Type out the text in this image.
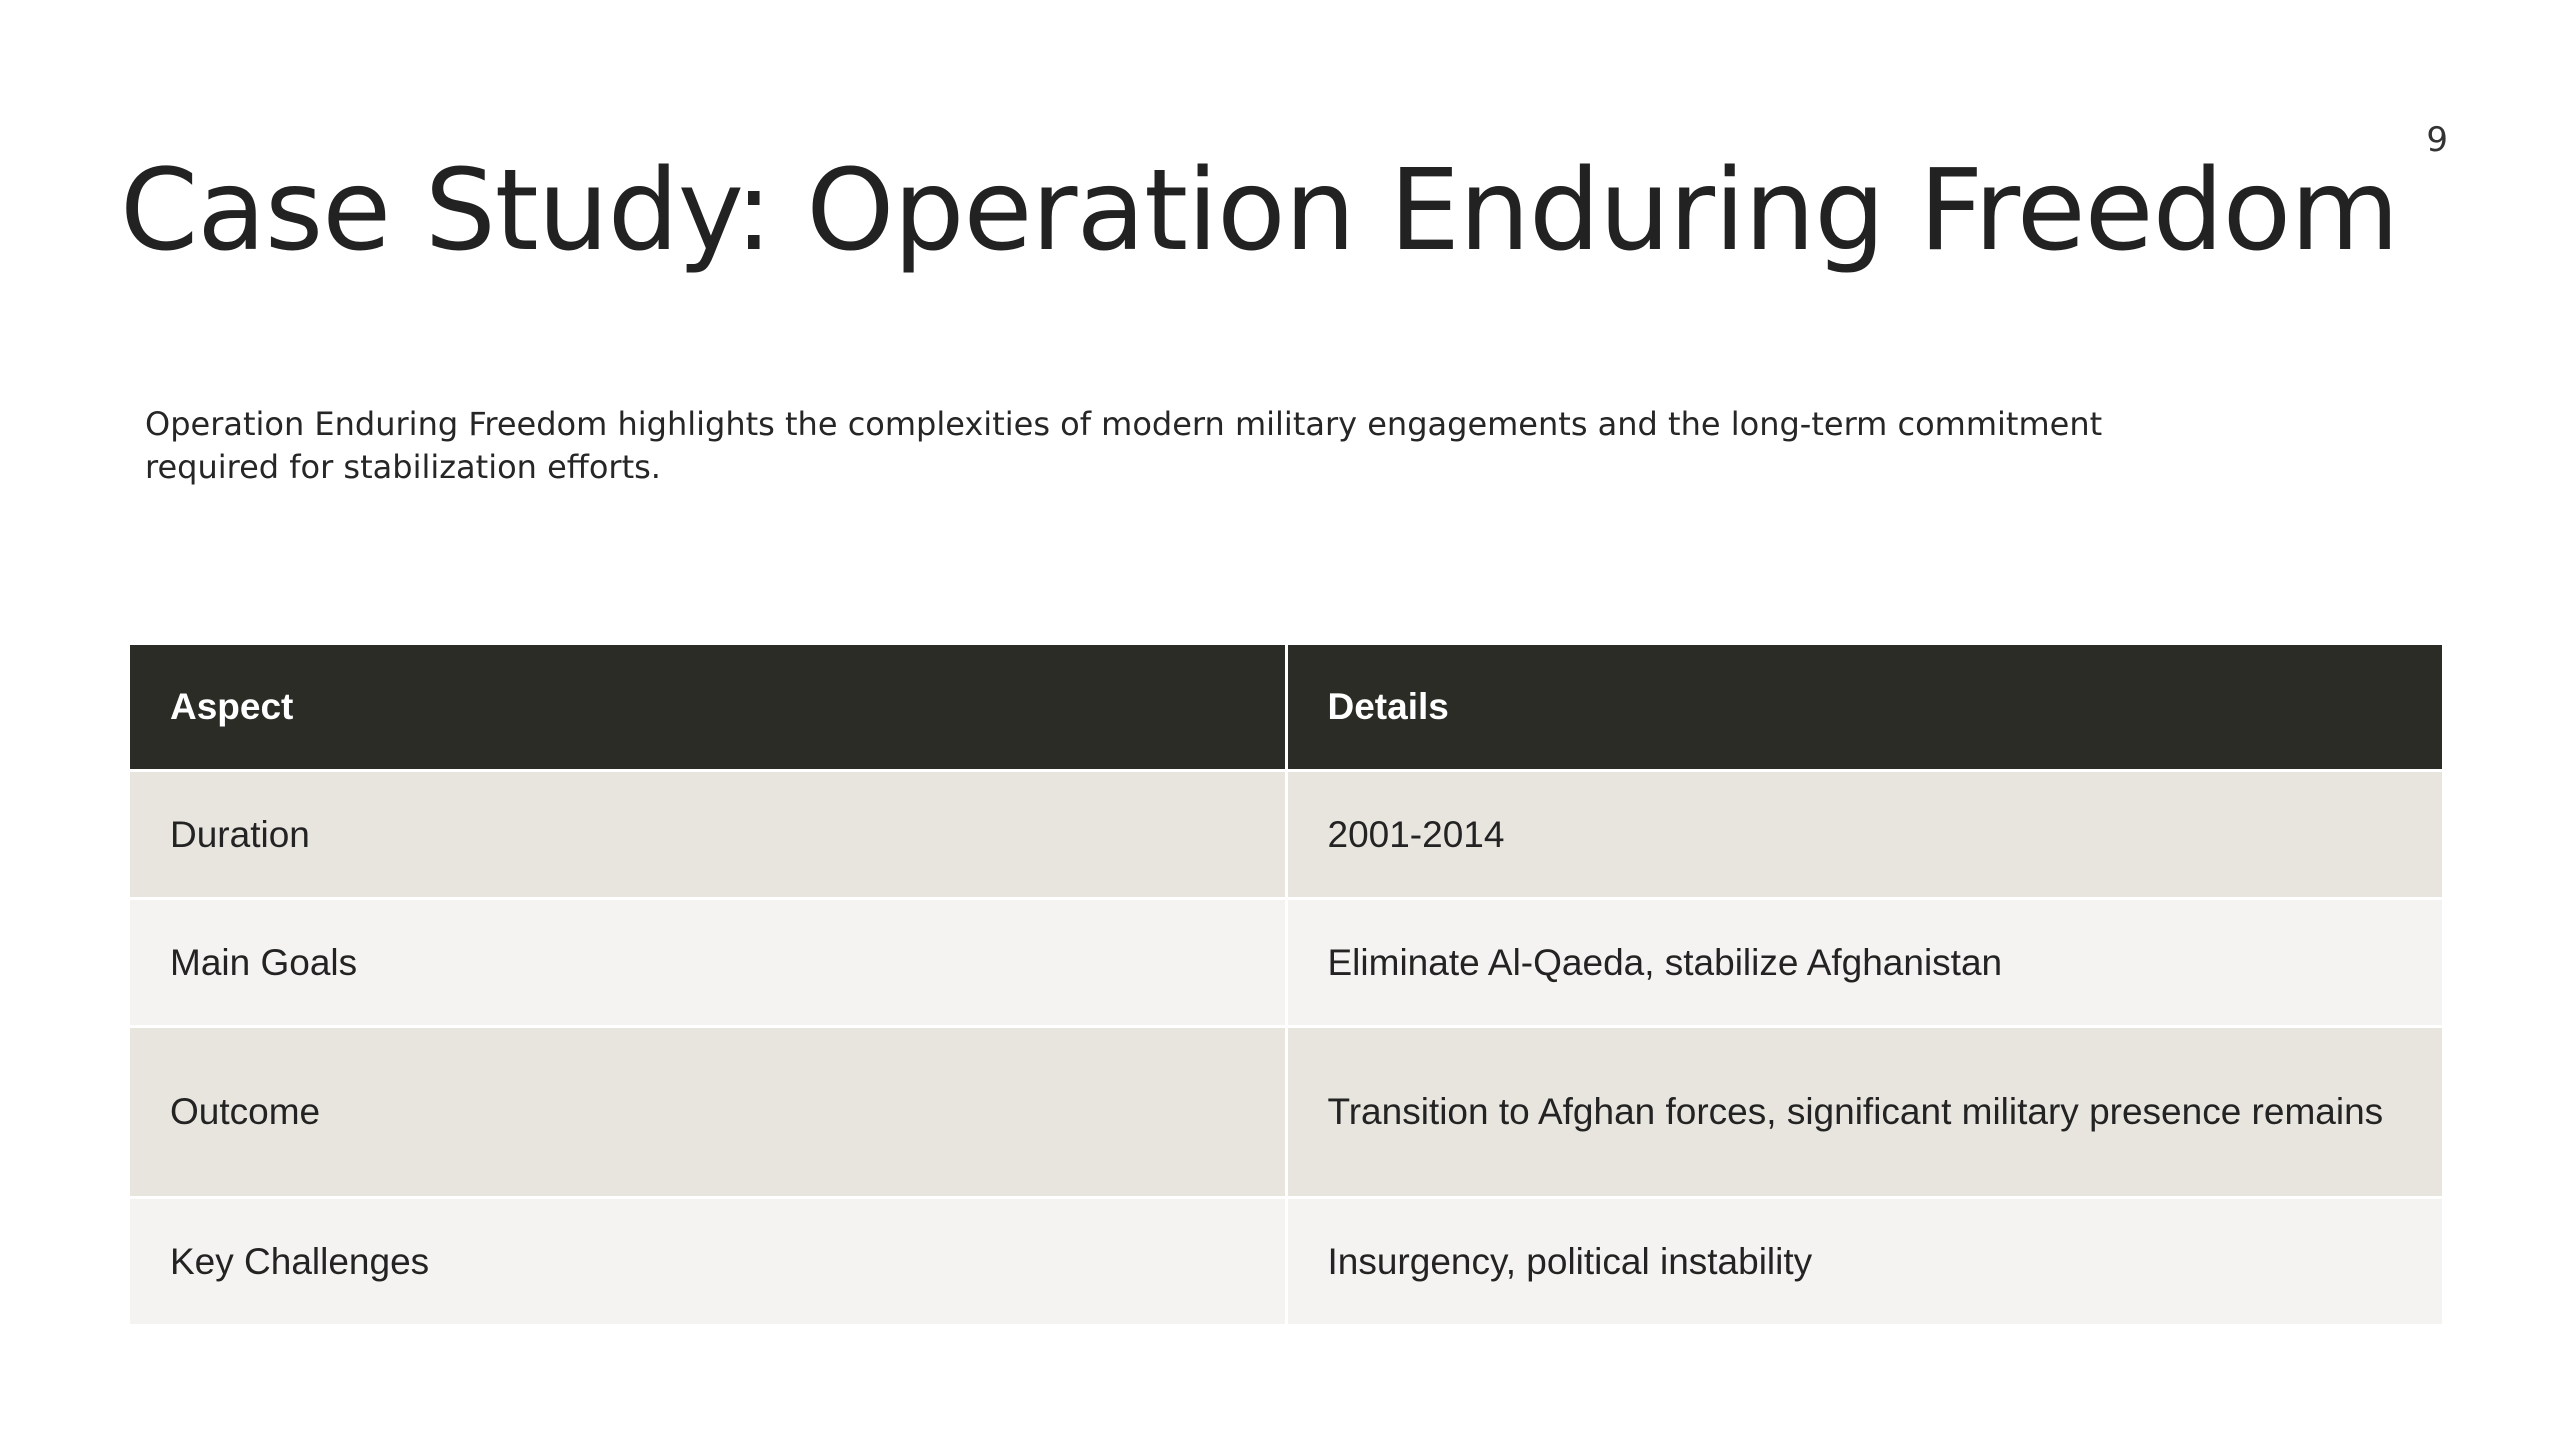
9
Case Study: Operation Enduring Freedom

Operation Enduring Freedom highlights the complexities of modern military engagements and the long-term commitment required for stabilization efforts.

Aspect	Details
Duration	2001-2014
Main Goals	Eliminate Al-Qaeda, stabilize Afghanistan
Outcome	Transition to Afghan forces, significant military presence remains
Key Challenges	Insurgency, political instability
